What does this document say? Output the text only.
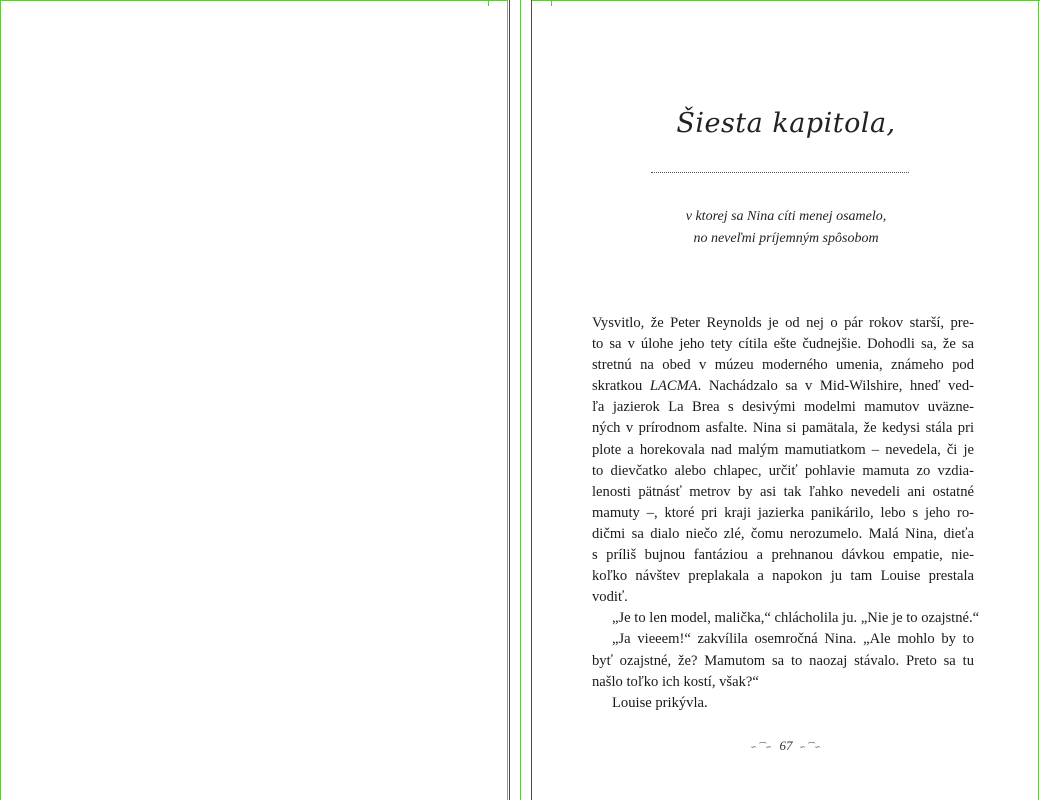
Šiesta kapitola,
v ktorej sa Nina cíti menej osamelo,
no neveľmi príjemným spôsobom
Vysvitlo, že Peter Reynolds je od nej o pár rokov starší, pre-
to sa v úlohe jeho tety cítila ešte čudnejšie. Dohodli sa, že sa
stretnú na obed v múzeu moderného umenia, známeho pod
skratkou LACMA. Nachádzalo sa v Mid-Wilshire, hneď ved-
ľa jazierok La Brea s desivými modelmi mamutov uväzne-
ných v prírodnom asfalte. Nina si pamätala, že kedysi stála pri
plote a horekovala nad malým mamutiatkom – nevedela, či je
to dievčatko alebo chlapec, určiť pohlavie mamuta zo vzdia-
lenosti pätnásť metrov by asi tak ľahko nevedeli ani ostatné
mamuty –, ktoré pri kraji jazierka panikárilo, lebo s jeho ro-
dičmi sa dialo niečo zlé, čomu nerozumelo. Malá Nina, dieťa
s príliš bujnou fantáziou a prehnanou dávkou empatie, nie-
koľko návštev preplakala a napokon ju tam Louise prestala
vodiť.
„Je to len model, malička,“ chlácholila ju. „Nie je to ozajstné.“
„Ja vieeem!“ zakvílila osemročná Nina. „Ale mohlo by to
byť ozajstné, že? Mamutom sa to naozaj stávalo. Preto sa tu
našlo toľko ich kostí, však?“
Louise prikývla.
∽⁀∽ 67 ∽⁀∽
